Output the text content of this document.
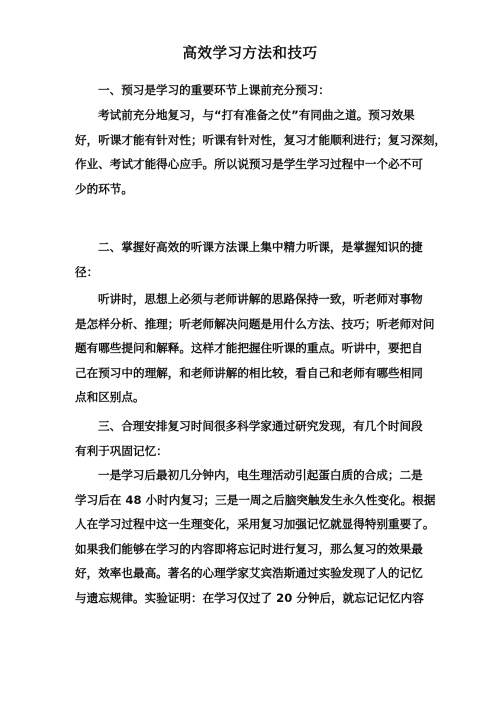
高效学习方法和技巧

一、预习是学习的重要环节上课前充分预习：

考试前充分地复习，与“打有准备之仗”有同曲之道。预习效果
好，听课才能有针对性；听课有针对性，复习才能顺利进行；复习深刻，
作业、考试才能得心应手。所以说预习是学生学习过程中一个必不可
少的环节。

二、掌握好高效的听课方法课上集中精力听课，是掌握知识的捷
径：

听讲时，思想上必须与老师讲解的思路保持一致，听老师对事物
是怎样分析、推理；听老师解决问题是用什么方法、技巧；听老师对问
题有哪些提问和解释。这样才能把握住听课的重点。听讲中，要把自
己在预习中的理解，和老师讲解的相比较，看自己和老师有哪些相同
点和区别点。

三、合理安排复习时间很多科学家通过研究发现，有几个时间段
有利于巩固记忆：

一是学习后最初几分钟内，电生理活动引起蛋白质的合成；二是
学习后在 48 小时内复习；三是一周之后脑突触发生永久性变化。根据
人在学习过程中这一生理变化，采用复习加强记忆就显得特别重要了。
如果我们能够在学习的内容即将忘记时进行复习，那么复习的效果最
好，效率也最高。著名的心理学家艾宾浩斯通过实验发现了人的记忆
与遗忘规律。实验证明：在学习仅过了 20 分钟后，就忘记记忆内容
